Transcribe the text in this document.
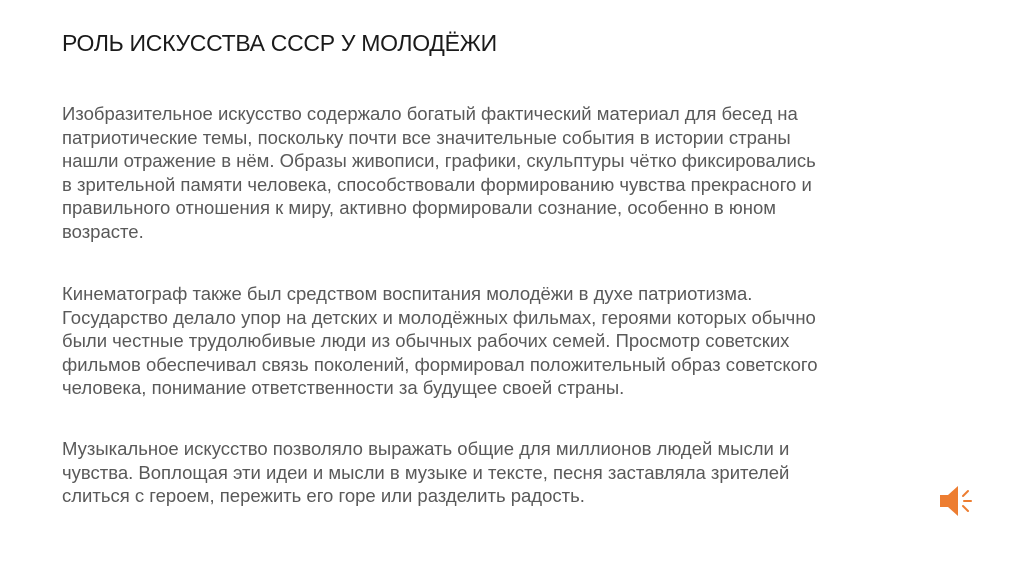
РОЛЬ ИСКУССТВА СССР У МОЛОДЁЖИ
Изобразительное искусство содержало богатый фактический материал для бесед на
патриотические темы, поскольку почти все значительные события в истории страны
нашли отражение в нём. Образы живописи, графики, скульптуры чётко фиксировались
в зрительной памяти человека, способствовали формированию чувства прекрасного и
правильного отношения к миру, активно формировали сознание, особенно в юном
возрасте.
Кинематограф также был средством воспитания молодёжи в духе патриотизма.
Государство делало упор на детских и молодёжных фильмах, героями которых обычно
были честные трудолюбивые люди из обычных рабочих семей. Просмотр советских
фильмов обеспечивал связь поколений, формировал положительный образ советского
человека, понимание ответственности за будущее своей страны.
Музыкальное искусство позволяло выражать общие для миллионов людей мысли и
чувства. Воплощая эти идеи и мысли в музыке и тексте, песня заставляла зрителей
слиться с героем, пережить его горе или разделить радость.
